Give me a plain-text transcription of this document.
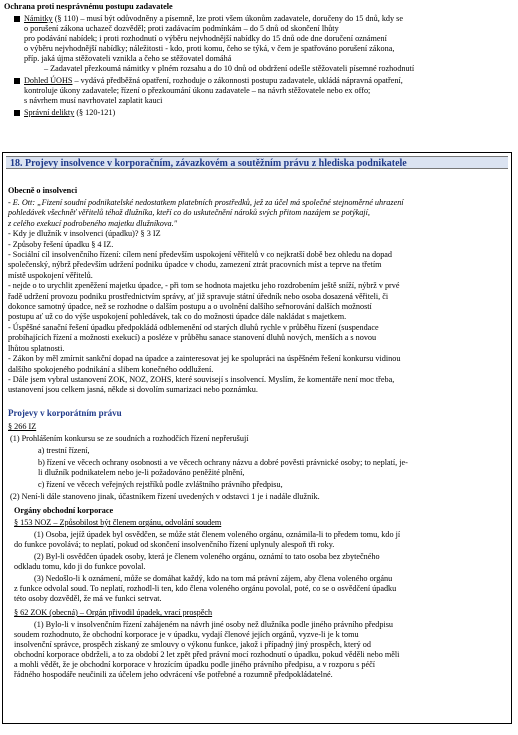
Ochrana proti nesprávnému postupu zadavatele
Námitky (§ 110) – musí být odůvodněny a písemně, lze proti všem úkonům zadavatele, doručeny do 15 dnů, kdy se
o porušení zákona uchazeč dozvěděl; proti zadávacím podmínkám – do 5 dnů od skončení lhůty
pro podávání nabídek; i proti rozhodnutí o výběru nejvhodnější nabídky do 15 dnů ode dne doručení oznámení
o výběru nejvhodnější nabídky; náležitosti - kdo, proti komu, čeho se týká, v čem je spatřováno porušení zákona,
příp. jaká újma stěžovateli vznikla a čeho se stěžovatel domáhá
– Zadavatel přezkoumá námitky v plném rozsahu a do 10 dnů od obdržení odešle stěžovateli písemné rozhodnutí
Dohled ÚOHS – vydává předběžná opatření, rozhoduje o zákonnosti postupu zadavatele, ukládá nápravná opatření,
kontroluje úkony zadavatele; řízení o přezkoumání úkonu zadavatele – na návrh stěžovatele nebo ex offo;
s návrhem musí navrhovatel zaplatit kauci
Správní delikty (§ 120-121)
18. Projevy insolvence v korporačním, závazkovém a soutěžním právu z hlediska podnikatele
Obecně o insolvenci

- E. Ott: „Fizení soudní podnikatelské nedostatkem platebních prostředků, jež za účel má společné stejnoměrné uhrazení

pohledávek všechněť věřitelů téhož dlužníka, kteří co do uskutečnění nároků svých přitom nazájem se potýkají,

z celého exekucí podrobeného majetku dlužníkova."

- Kdy je dlužník v insolvenci (úpadku)? § 3 IZ

- Způsoby řešení úpadku § 4 IZ.

- Sociální cíl insolvenčního řízení: cílem není především uspokojení věřitelů v co nejkratší době bez ohledu na dopad

společenský, nýbrž především udržení podniku úpadce v chodu, zamezení ztrát pracovních míst a teprve na třetím

místě uspokojení věřitelů.

- nejde o to urychlit zpeněžení majetku úpadce, - při tom se hodnota majetku jeho rozdrobením ještě sníží, nýbrž v prvé

řadě udržení provozu podniku prostřednictvím správy, ať již spravuje státní úředník nebo osoba dosazená věřiteli, či

dokonce samotný úpadce, než se rozhodne o dalším postupu a o uvolnění dalšího seřnorování dalších možností

postupu ať už co do výše uspokojení pohledávek, tak co do možnosti úpadce dále nakládat s majetkem.

- Úspěšné sanační řešení úpadku předpokládá odblemenění od starých dluhů rychle v průběhu řízení (suspendace

probíhajících řízení a možnosti exekucí) a posléze v průběhu sanace stanovení dluhů nových, menších a s novou

lhůtou splatnosti.

- Zákon by měl zmírnit sankční dopad na úpadce a zainteresovat jej ke spolupráci na úspěšném řešení konkursu vidinou

dalšího spokojeného podnikání a slibem konečného oddlužení.

- Dále jsem vybral ustanovení ZOK, NOZ, ZOHS, které souvisejí s insolvencí. Myslím, že komentáře není moc třeba,

ustanovení jsou celkem jasná, někde si dovolím sumarizaci nebo poznámku.

Projevy v korporátním právu
§ 266 IZ
(1) Prohlášením konkursu se ze soudních a rozhodčích řízení nepřerušují
a) trestní řízení,
b) řízení ve věcech ochrany osobnosti a ve věcech ochrany názvu a dobré pověsti právnické osoby; to neplatí, je-
li dlužník podnikatelem nebo je-li požadováno peněžité plnění,
c) řízení ve věcech veřejných rejstříků podle zvláštního právního předpisu,
(2) Není-li dále stanoveno jinak, účastníkem řízení uvedených v odstavci 1 je i nadále dlužník.
Orgány obchodní korporace
§ 153 NOZ – Způsobilost být členem orgánu, odvolání soudem
(1) Osoba, jejíž úpadek byl osvědčen, se může stát členem voleného orgánu, oznámila-li to předem tomu, kdo jí
do funkce povolává; to neplatí, pokud od skončení insolvenčního řízení uplynuly alespoň tři roky.
(2) Byl-li osvědčen úpadek osoby, která je členem voleného orgánu, oznámí to tato osoba bez zbytečného
odkladu tomu, kdo ji do funkce povolal.
(3) Nedošlo-li k oznámení, může se domáhat každý, kdo na tom má právní zájem, aby člena voleného orgánu
z funkce odvolal soud. To neplatí, rozhodl-li ten, kdo člena voleného orgánu povolal, poté, co se o osvědčení úpadku
této osoby dozvěděl, že má ve funkci setrvat.
§ 62 ZOK (obecná) – Orgán přivodil úpadek, vrací prospěch
(1) Bylo-li v insolvenčním řízení zahájeném na návrh jiné osoby než dlužníka podle jiného právního předpisu
soudem rozhodnuto, že obchodní korporace je v úpadku, vydají členové jejích orgánů, vyzve-li je k tomu
insolvenční správce, prospěch získaný ze smlouvy o výkonu funkce, jakož i případný jiný prospěch, který od
obchodní korporace obdrželi, a to za období 2 let zpět před právní mocí rozhodnutí o úpadku, pokud věděli nebo měli
a mohli vědět, že je obchodní korporace v hrozícím úpadku podle jiného právního předpisu, a v rozporu s péčí
řádného hospodáře neučinili za účelem jeho odvrácení vše potřebné a rozumně předpokládatelné.
